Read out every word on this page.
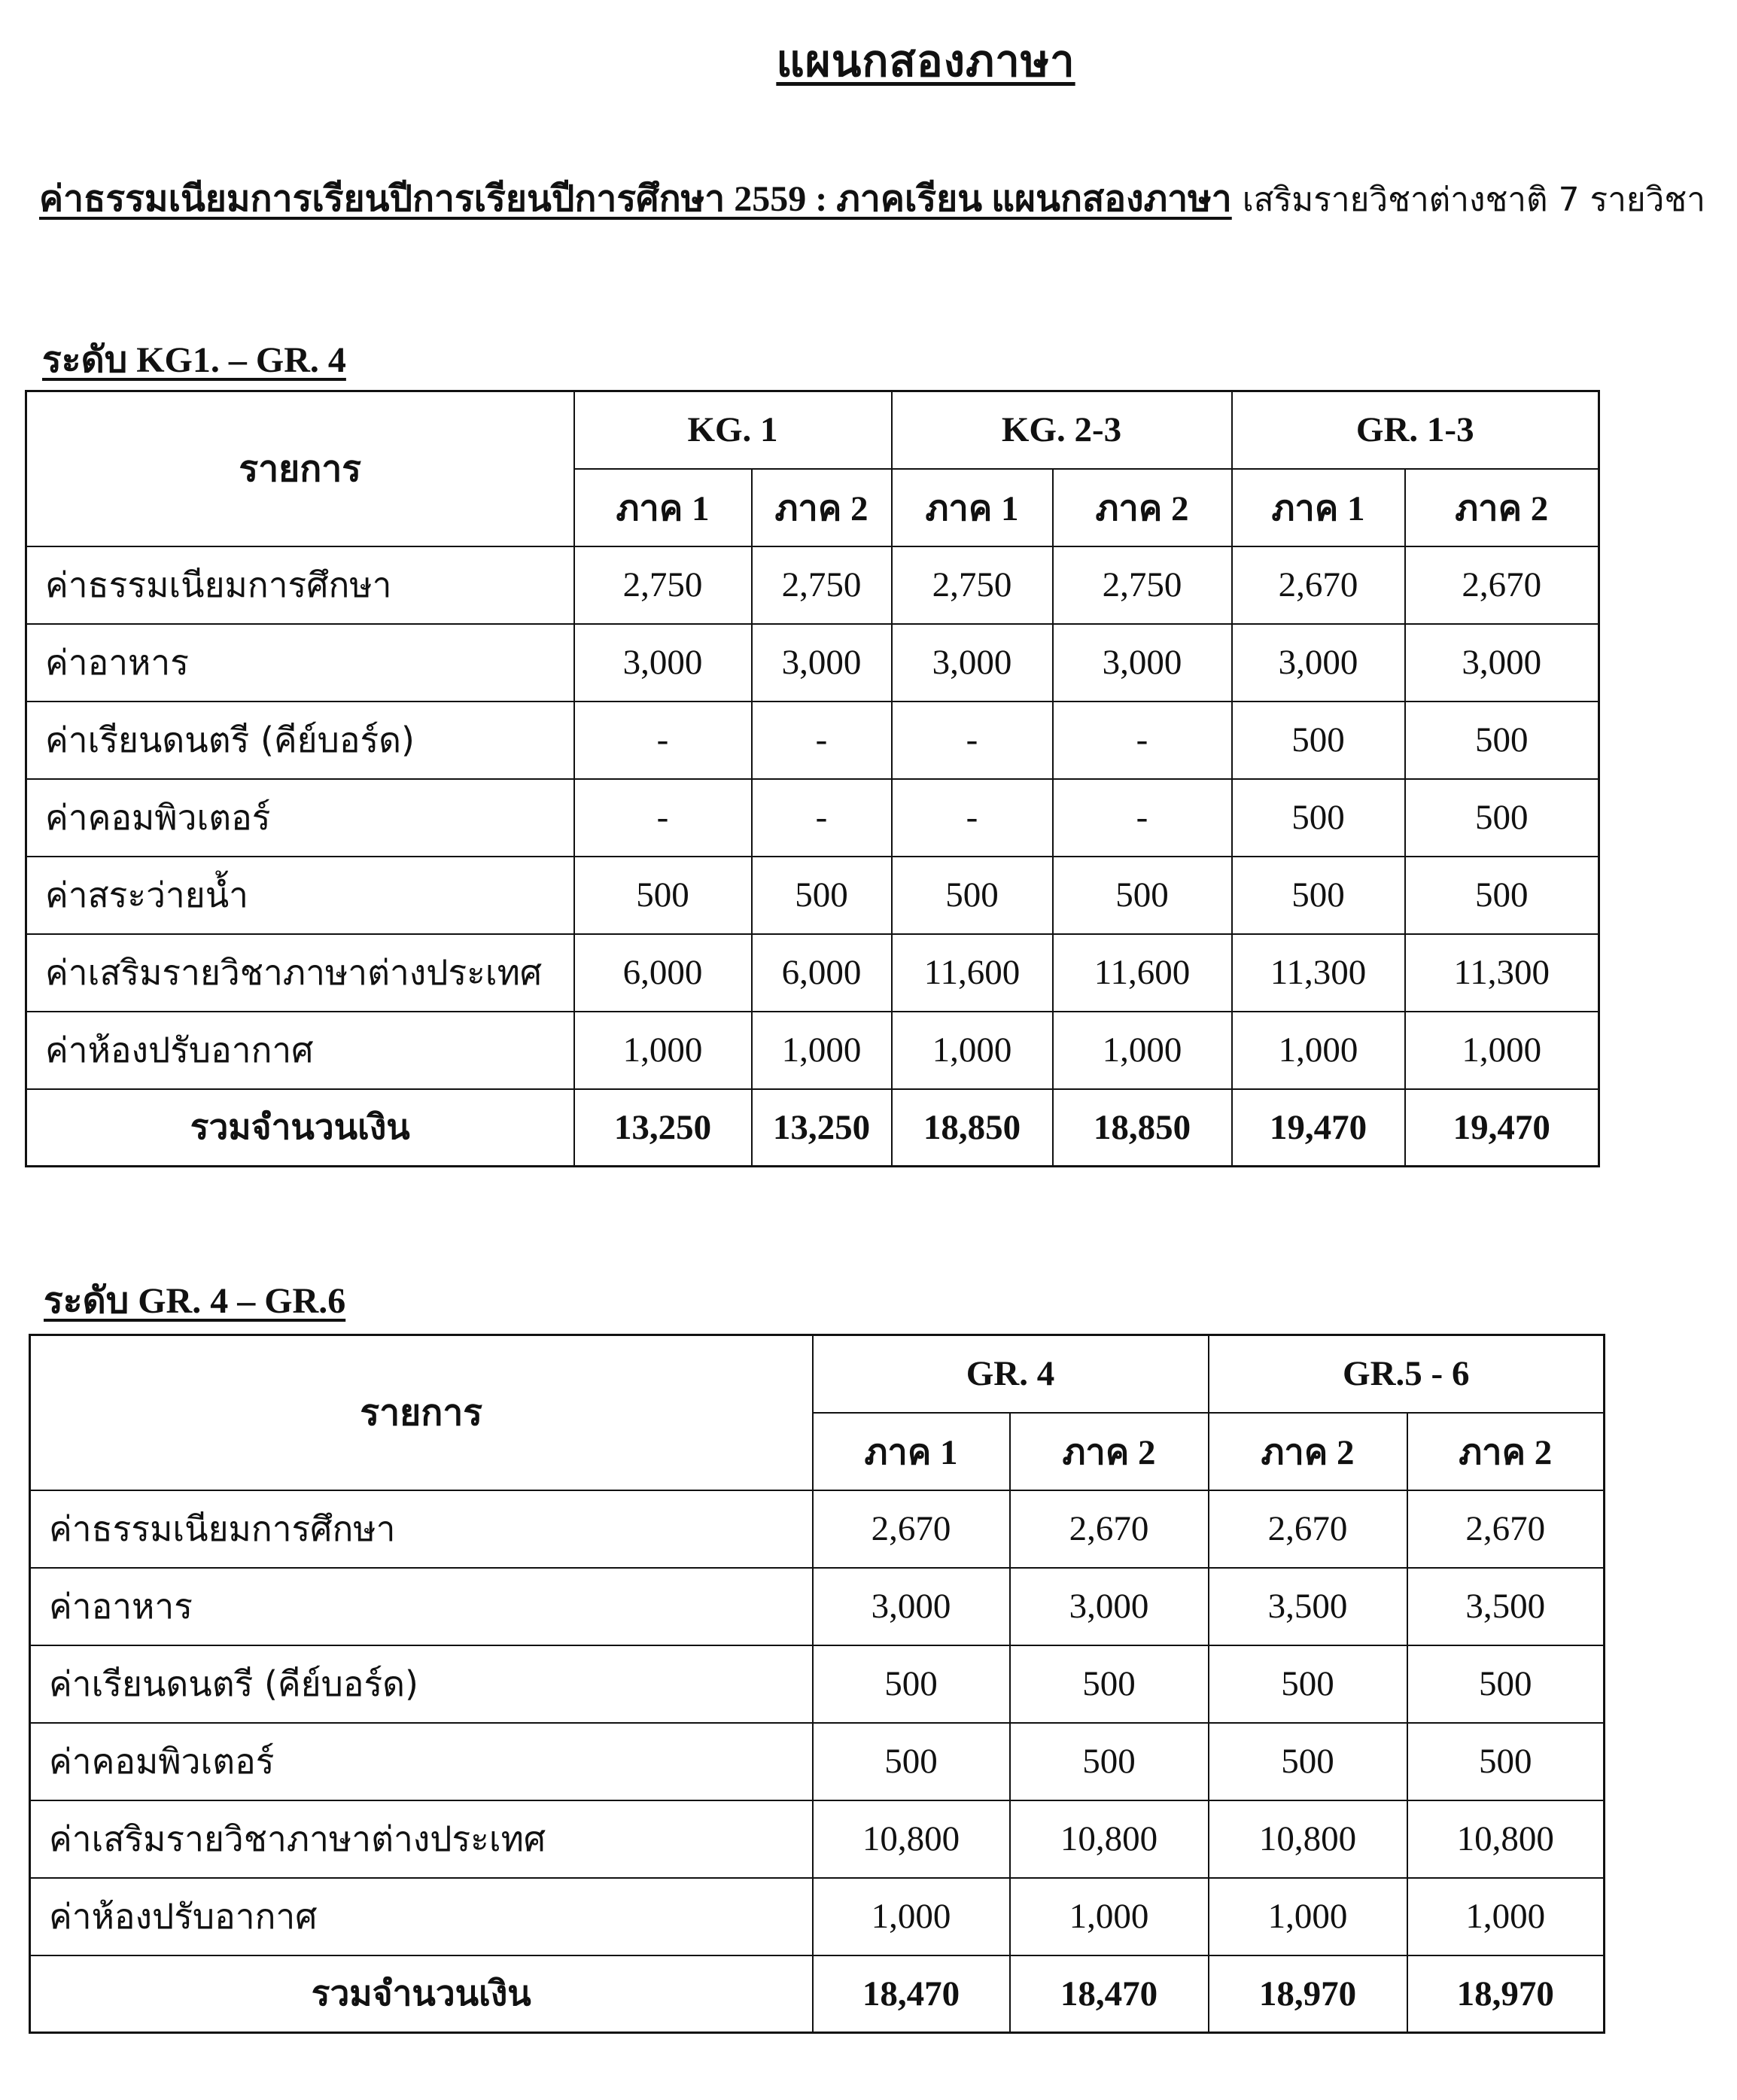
แผนกสองภาษา
ค่าธรรมเนียมการเรียนปีการเรียนปีการศึกษา 2559 : ภาคเรียน แผนกสองภาษา เสริมรายวิชาต่างชาติ 7 รายวิชา
ระดับ KG1. – GR. 4
รายการ	KG. 1		KG. 2-3		GR. 1-3	
	ภาค 1	ภาค 2	ภาค 1	ภาค 2	ภาค 1	ภาค 2
ค่าธรรมเนียมการศึกษา	2,750	2,750	2,750	2,750	2,670	2,670
ค่าอาหาร	3,000	3,000	3,000	3,000	3,000	3,000
ค่าเรียนดนตรี (คีย์บอร์ด)	-	-	-	-	500	500
ค่าคอมพิวเตอร์	-	-	-	-	500	500
ค่าสระว่ายน้ำ	500	500	500	500	500	500
ค่าเสริมรายวิชาภาษาต่างประเทศ	6,000	6,000	11,600	11,600	11,300	11,300
ค่าห้องปรับอากาศ	1,000	1,000	1,000	1,000	1,000	1,000
รวมจำนวนเงิน	13,250	13,250	18,850	18,850	19,470	19,470
ระดับ GR. 4 – GR.6
รายการ	GR. 4		GR.5 - 6	
	ภาค 1	ภาค 2	ภาค 2	ภาค 2
ค่าธรรมเนียมการศึกษา	2,670	2,670	2,670	2,670
ค่าอาหาร	3,000	3,000	3,500	3,500
ค่าเรียนดนตรี (คีย์บอร์ด)	500	500	500	500
ค่าคอมพิวเตอร์	500	500	500	500
ค่าเสริมรายวิชาภาษาต่างประเทศ	10,800	10,800	10,800	10,800
ค่าห้องปรับอากาศ	1,000	1,000	1,000	1,000
รวมจำนวนเงิน	18,470	18,470	18,970	18,970
